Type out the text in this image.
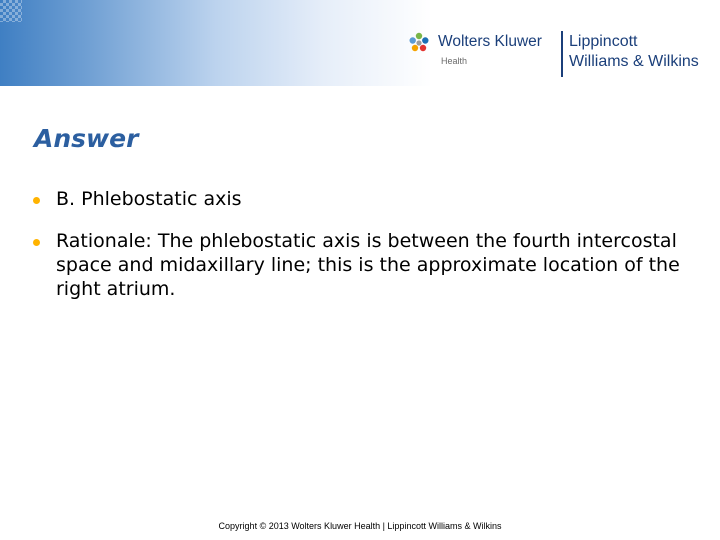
Wolters Kluwer
Health
Lippincott
Williams & Wilkins
Answer
B. Phlebostatic axis
Rationale: The phlebostatic axis is between the fourth intercostal space and midaxillary line; this is the approximate location of the right atrium.
Copyright © 2013 Wolters Kluwer Health | Lippincott Williams & Wilkins
